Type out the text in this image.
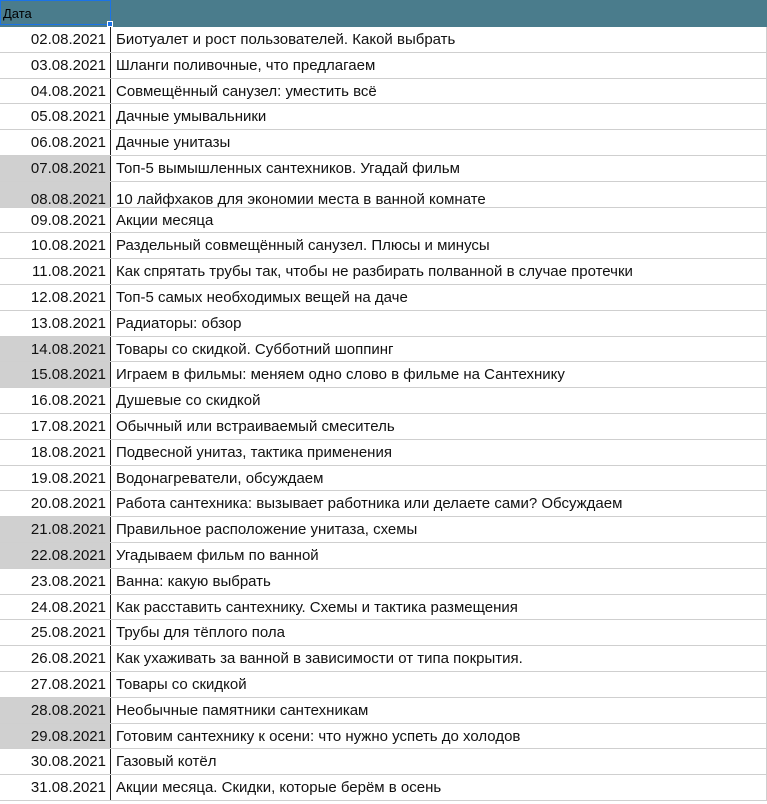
Дата
02.08.2021 Биотуалет и рост пользователей. Какой выбрать
03.08.2021 Шланги поливочные, что предлагаем
04.08.2021 Совмещённый санузел: уместить всё
05.08.2021 Дачные умывальники
06.08.2021 Дачные унитазы
07.08.2021 Топ-5 вымышленных сантехников. Угадай фильм
08.08.2021 10 лайфхаков для экономии места в ванной комнате
09.08.2021 Акции месяца
10.08.2021 Раздельный совмещённый санузел. Плюсы и минусы
11.08.2021 Как спрятать трубы так, чтобы не разбирать полванной в случае протечки
12.08.2021 Топ-5 самых необходимых вещей на даче
13.08.2021 Радиаторы: обзор
14.08.2021 Товары со скидкой. Субботний шоппинг
15.08.2021 Играем в фильмы: меняем одно слово в фильме на Сантехнику
16.08.2021 Душевые со скидкой
17.08.2021 Обычный или встраиваемый смеситель
18.08.2021 Подвесной унитаз, тактика применения
19.08.2021 Водонагреватели, обсуждаем
20.08.2021 Работа сантехника: вызывает работника или делаете сами? Обсуждаем
21.08.2021 Правильное расположение унитаза, схемы
22.08.2021 Угадываем фильм по ванной
23.08.2021 Ванна: какую выбрать
24.08.2021 Как расставить сантехнику. Схемы и тактика размещения
25.08.2021 Трубы для тёплого пола
26.08.2021 Как ухаживать за ванной в зависимости от типа покрытия.
27.08.2021 Товары со скидкой
28.08.2021 Необычные памятники сантехникам
29.08.2021 Готовим сантехнику к осени: что нужно успеть до холодов
30.08.2021 Газовый котёл
31.08.2021 Акции месяца. Скидки, которые берём в осень
